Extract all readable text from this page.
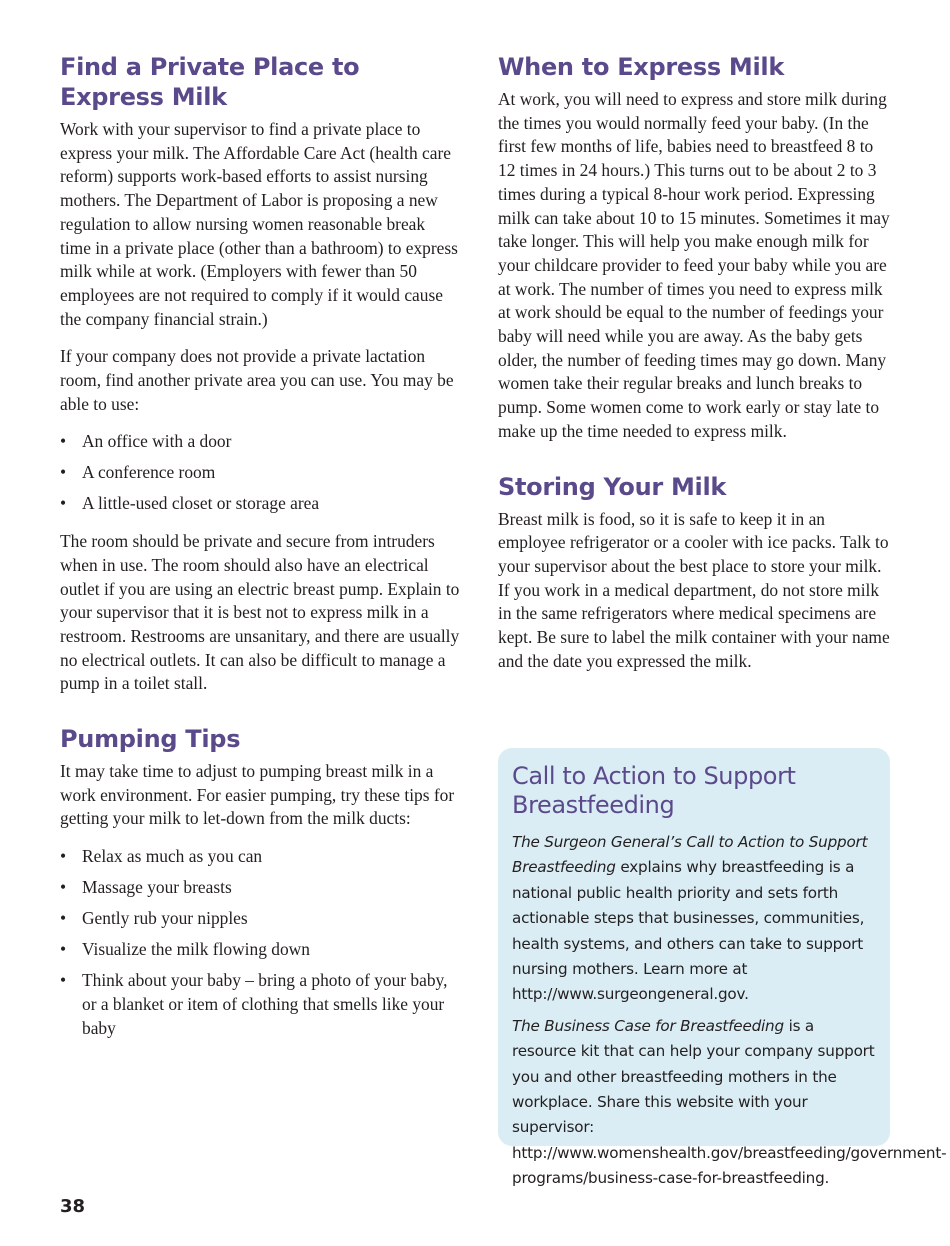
Find a Private Place to
Express Milk

Work with your supervisor to find a private place to express your milk. The Affordable Care Act (health care reform) supports work-based efforts to assist nursing mothers. The Department of Labor is proposing a new regulation to allow nursing women reasonable break time in a private place (other than a bathroom) to express milk while at work. (Employers with fewer than 50 employees are not required to comply if it would cause the company financial strain.)

If your company does not provide a private lactation room, find another private area you can use. You may be able to use:

• An office with a door
• A conference room
• A little-used closet or storage area

The room should be private and secure from intruders when in use. The room should also have an electrical outlet if you are using an electric breast pump. Explain to your supervisor that it is best not to express milk in a restroom. Restrooms are unsanitary, and there are usually no electrical outlets. It can also be difficult to manage a pump in a toilet stall.

Pumping Tips

It may take time to adjust to pumping breast milk in a work environment. For easier pumping, try these tips for getting your milk to let-down from the milk ducts:

• Relax as much as you can
• Massage your breasts
• Gently rub your nipples
• Visualize the milk flowing down
• Think about your baby – bring a photo of your baby, or a blanket or item of clothing that smells like your baby
When to Express Milk

At work, you will need to express and store milk during the times you would normally feed your baby. (In the first few months of life, babies need to breastfeed 8 to 12 times in 24 hours.) This turns out to be about 2 to 3 times during a typical 8-hour work period. Expressing milk can take about 10 to 15 minutes. Sometimes it may take longer. This will help you make enough milk for your childcare provider to feed your baby while you are at work. The number of times you need to express milk at work should be equal to the number of feedings your baby will need while you are away. As the baby gets older, the number of feeding times may go down. Many women take their regular breaks and lunch breaks to pump. Some women come to work early or stay late to make up the time needed to express milk.

Storing Your Milk

Breast milk is food, so it is safe to keep it in an employee refrigerator or a cooler with ice packs. Talk to your supervisor about the best place to store your milk. If you work in a medical department, do not store milk in the same refrigerators where medical specimens are kept. Be sure to label the milk container with your name and the date you expressed the milk.

Call to Action to Support
Breastfeeding

The Surgeon General’s Call to Action to Support Breastfeeding explains why breastfeeding is a national public health priority and sets forth actionable steps that businesses, communities, health systems, and others can take to support nursing mothers. Learn more at http://www.surgeongeneral.gov.

The Business Case for Breastfeeding is a resource kit that can help your company support you and other breastfeeding mothers in the workplace. Share this website with your supervisor: http://www.womenshealth.gov/breastfeeding/government-programs/business-case-for-breastfeeding.

38
